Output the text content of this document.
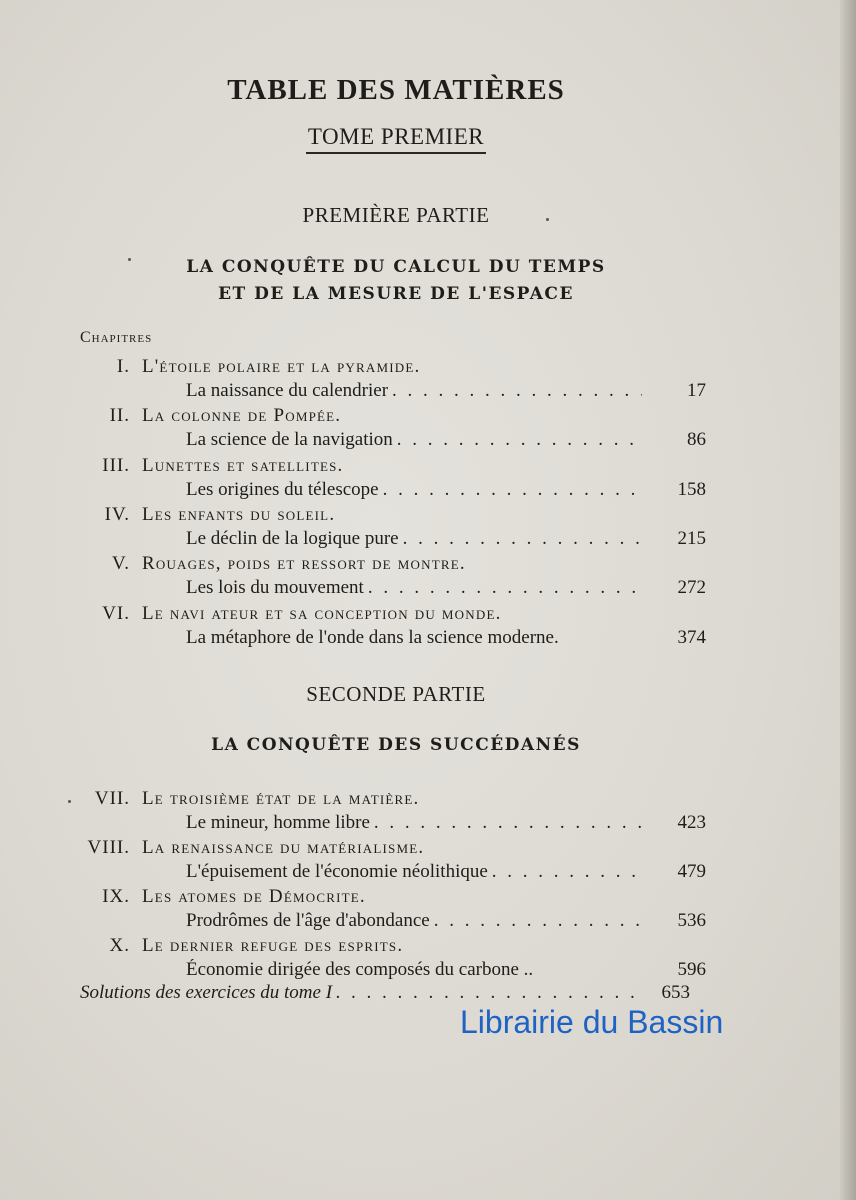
TABLE DES MATIÈRES
TOME PREMIER
PREMIÈRE PARTIE
LA CONQUÊTE DU CALCUL DU TEMPS
ET DE LA MESURE DE L'ESPACE
Chapitres
I. L'étoile polaire et la pyramide.
La naissance du calendrier . . .	17
II. La colonne de Pompée.
La science de la navigation . . .	86
III. Lunettes et satellites.
Les origines du télescope . . .	158
IV. Les enfants du soleil.
Le déclin de la logique pure . . .	215
V. Rouages, poids et ressort de montre.
Les lois du mouvement . . .	272
VI. Le navi ateur et sa conception du monde.
La métaphore de l'onde dans la science moderne.	374
SECONDE PARTIE
LA CONQUÊTE DES SUCCÉDANÉS
VII. Le troisième état de la matière.
Le mineur, homme libre . . .	423
VIII. La renaissance du matérialisme.
L'épuisement de l'économie néolithique . . .	479
IX. Les atomes de Démocrite.
Prodrômes de l'âge d'abondance . . .	536
X. Le dernier refuge des esprits.
Économie dirigée des composés du carbone ..	596
Solutions des exercices du tome I . . .	653
Librairie du Bassin
